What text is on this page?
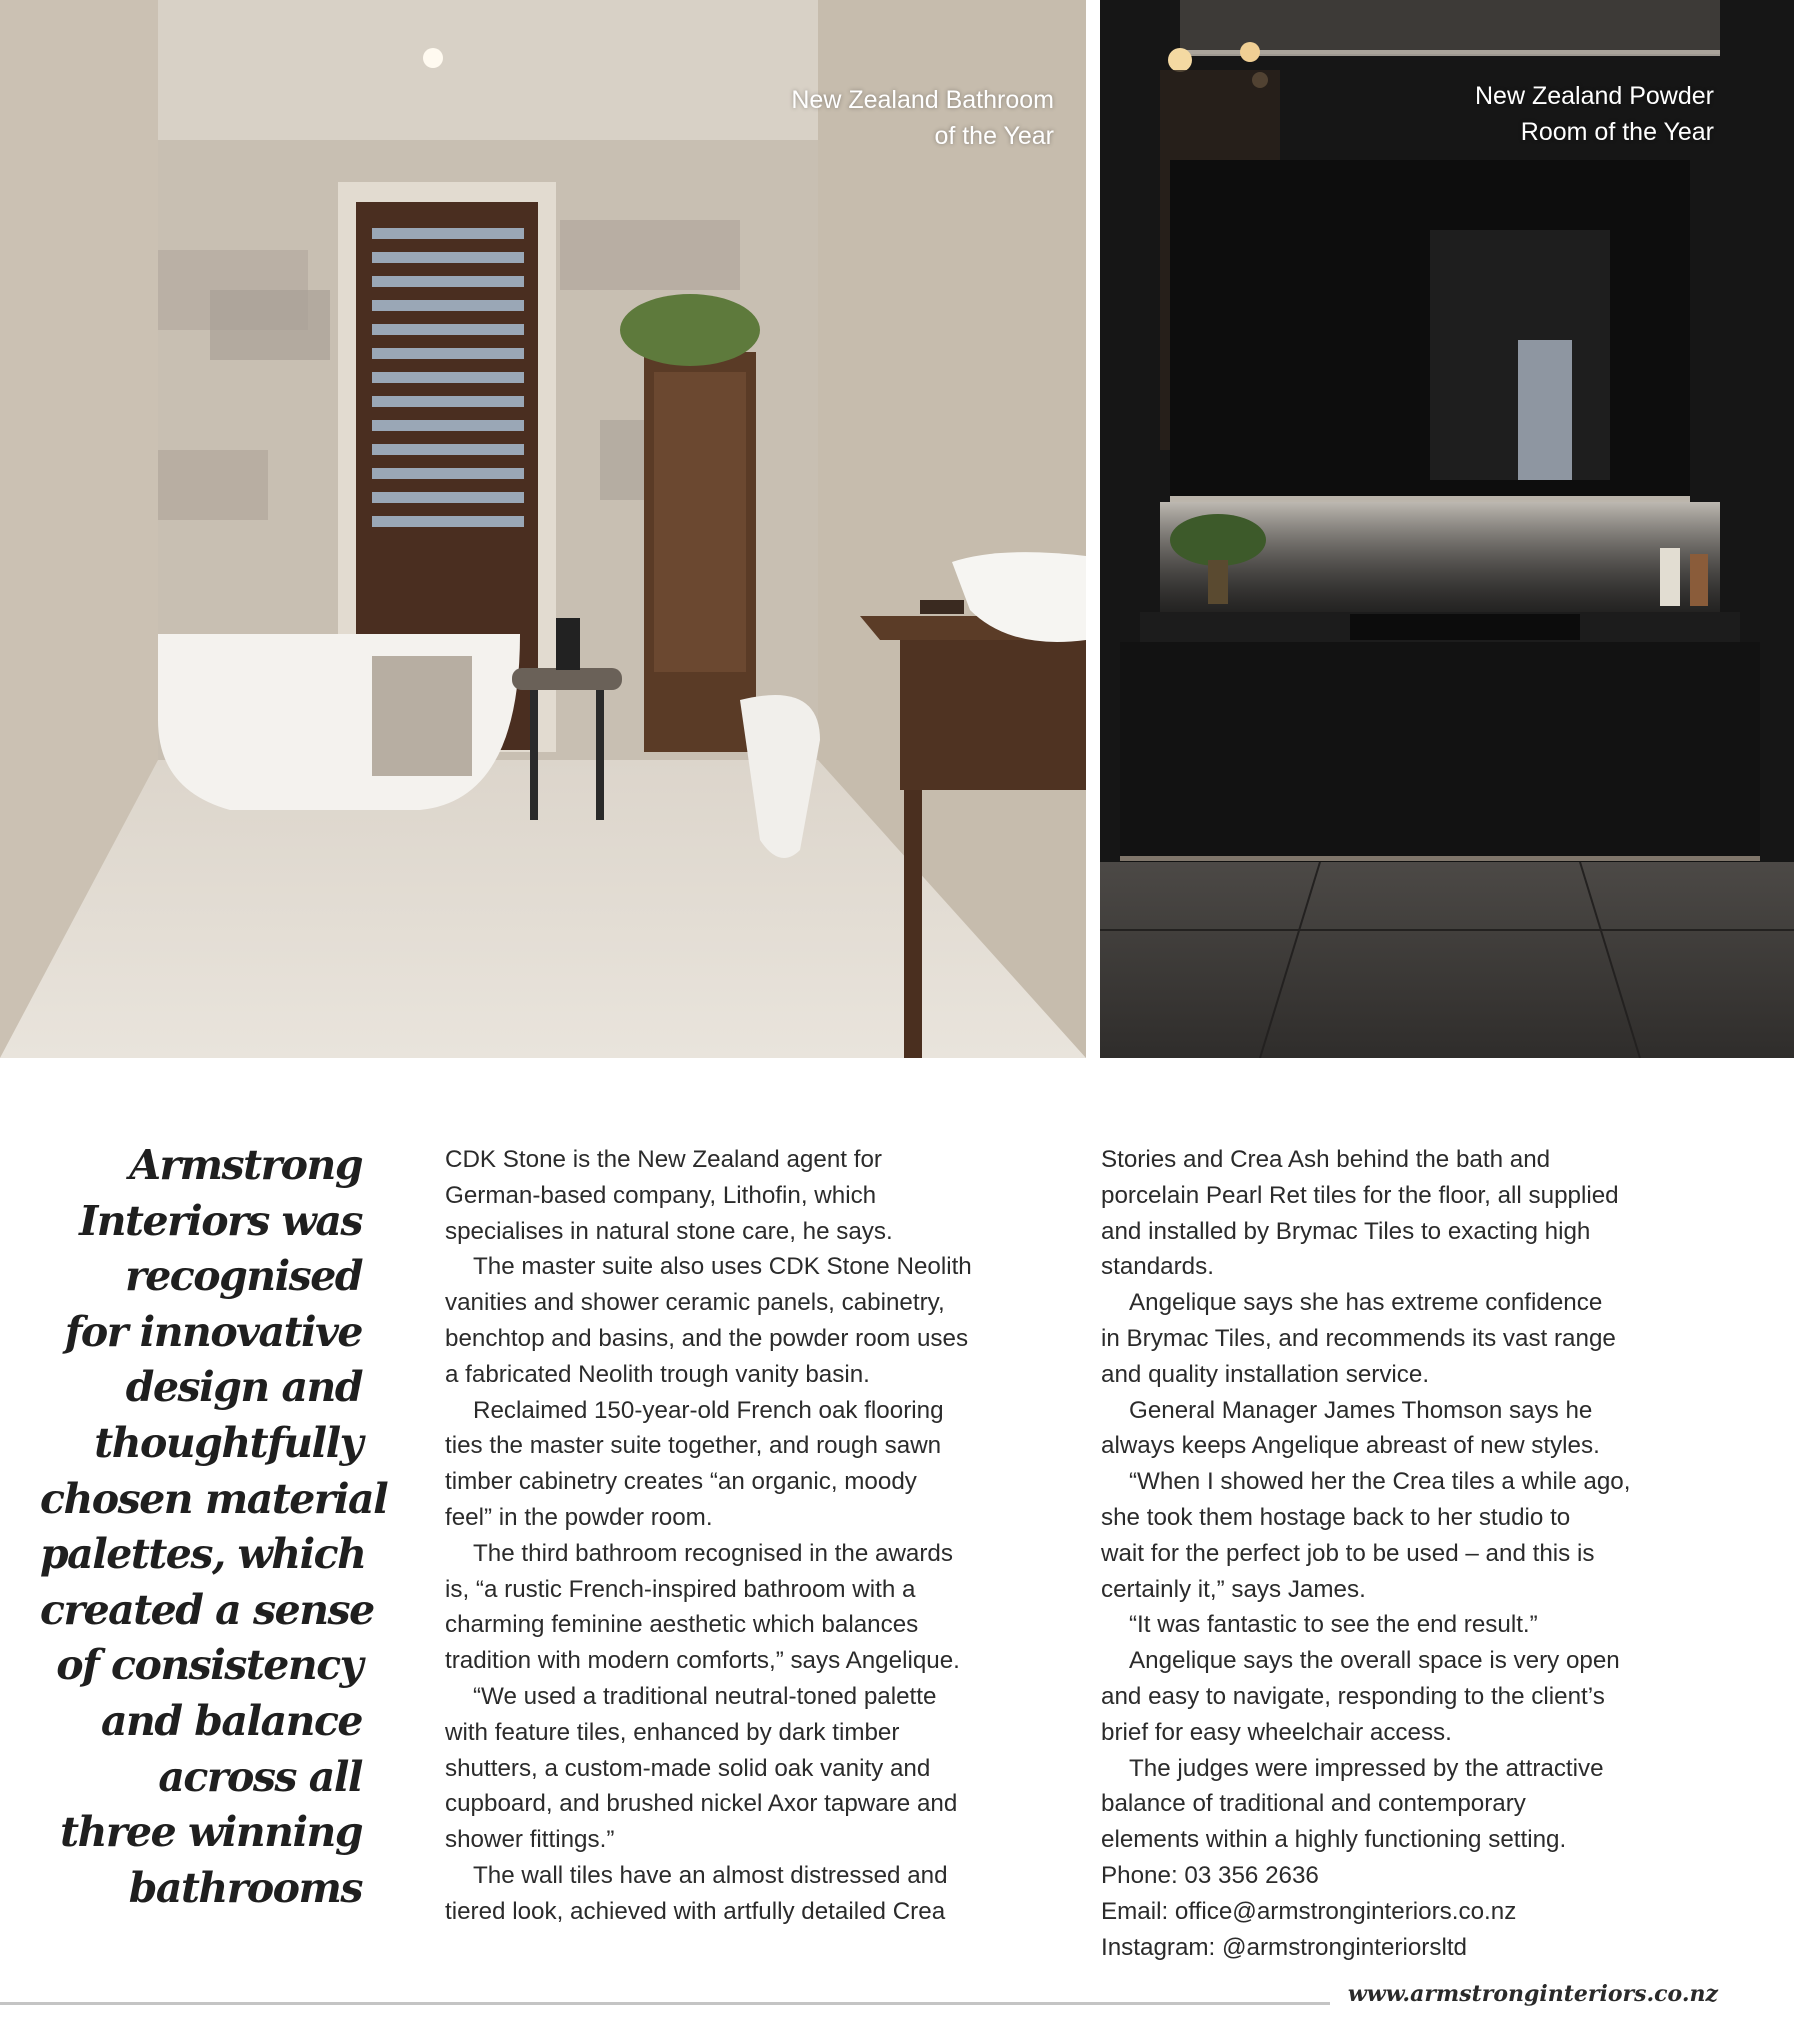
New Zealand Bathroom
of the Year
New Zealand Powder
Room of the Year
Armstrong
Interiors was
recognised
for innovative
design and
thoughtfully
chosen material
palettes, which
created a sense
of consistency
and balance
across all
three winning
bathrooms
CDK Stone is the New Zealand agent for
German-based company, Lithofin, which
specialises in natural stone care, he says.
The master suite also uses CDK Stone Neolith
vanities and shower ceramic panels, cabinetry,
benchtop and basins, and the powder room uses
a fabricated Neolith trough vanity basin.
Reclaimed 150-year-old French oak flooring
ties the master suite together, and rough sawn
timber cabinetry creates “an organic, moody
feel” in the powder room.
The third bathroom recognised in the awards
is, “a rustic French-inspired bathroom with a
charming feminine aesthetic which balances
tradition with modern comforts,” says Angelique.
“We used a traditional neutral-toned palette
with feature tiles, enhanced by dark timber
shutters, a custom-made solid oak vanity and
cupboard, and brushed nickel Axor tapware and
shower fittings.”
The wall tiles have an almost distressed and
tiered look, achieved with artfully detailed Crea
Stories and Crea Ash behind the bath and
porcelain Pearl Ret tiles for the floor, all supplied
and installed by Brymac Tiles to exacting high
standards.
Angelique says she has extreme confidence
in Brymac Tiles, and recommends its vast range
and quality installation service.
General Manager James Thomson says he
always keeps Angelique abreast of new styles.
“When I showed her the Crea tiles a while ago,
she took them hostage back to her studio to
wait for the perfect job to be used – and this is
certainly it,” says James.
“It was fantastic to see the end result.”
Angelique says the overall space is very open
and easy to navigate, responding to the client’s
brief for easy wheelchair access.
The judges were impressed by the attractive
balance of traditional and contemporary
elements within a highly functioning setting.
Phone: 03 356 2636
Email: office@armstronginteriors.co.nz
Instagram: @armstronginteriorsltd
www.armstronginteriors.co.nz
